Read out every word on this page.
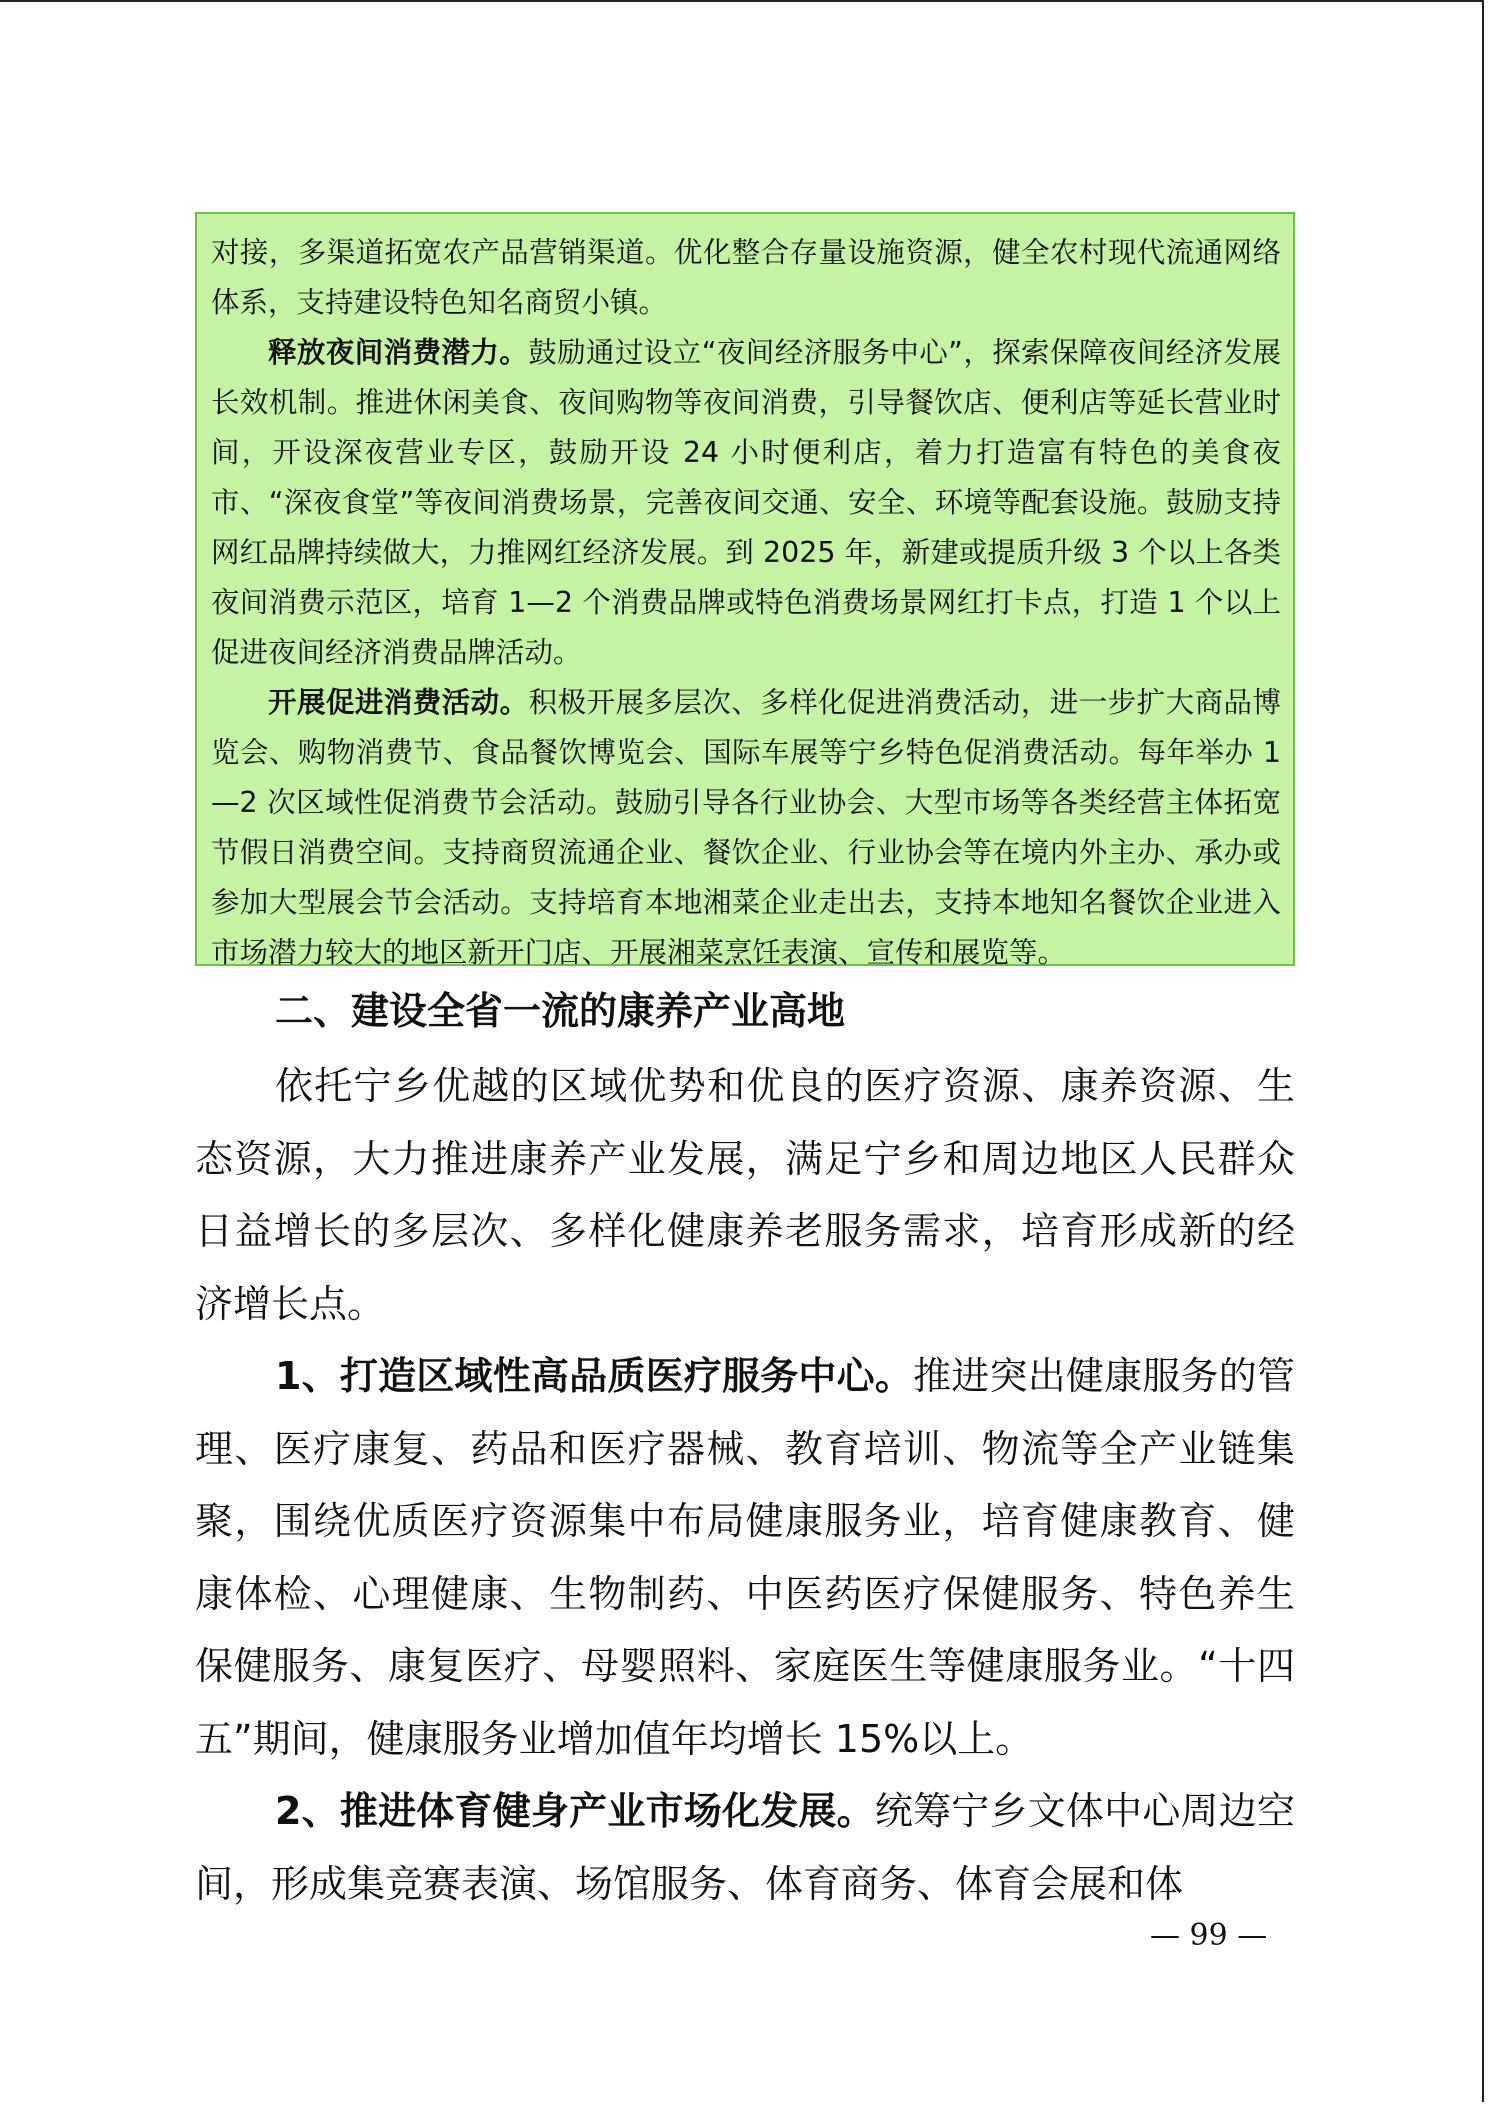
对接，多渠道拓宽农产品营销渠道。优化整合存量设施资源，健全农村现代流通网络体系，支持建设特色知名商贸小镇。

释放夜间消费潜力。鼓励通过设立“夜间经济服务中心”，探索保障夜间经济发展长效机制。推进休闲美食、夜间购物等夜间消费，引导餐饮店、便利店等延长营业时间，开设深夜营业专区，鼓励开设 24 小时便利店，着力打造富有特色的美食夜市、“深夜食堂”等夜间消费场景，完善夜间交通、安全、环境等配套设施。鼓励支持网红品牌持续做大，力推网红经济发展。到 2025 年，新建或提质升级 3 个以上各类夜间消费示范区，培育 1—2 个消费品牌或特色消费场景网红打卡点，打造 1 个以上促进夜间经济消费品牌活动。

开展促进消费活动。积极开展多层次、多样化促进消费活动，进一步扩大商品博览会、购物消费节、食品餐饮博览会、国际车展等宁乡特色促消费活动。每年举办 1—2 次区域性促消费节会活动。鼓励引导各行业协会、大型市场等各类经营主体拓宽节假日消费空间。支持商贸流通企业、餐饮企业、行业协会等在境内外主办、承办或参加大型展会节会活动。支持培育本地湘菜企业走出去，支持本地知名餐饮企业进入市场潜力较大的地区新开门店、开展湘菜烹饪表演、宣传和展览等。

二、建设全省一流的康养产业高地

依托宁乡优越的区域优势和优良的医疗资源、康养资源、生态资源，大力推进康养产业发展，满足宁乡和周边地区人民群众日益增长的多层次、多样化健康养老服务需求，培育形成新的经济增长点。

1、打造区域性高品质医疗服务中心。推进突出健康服务的管理、医疗康复、药品和医疗器械、教育培训、物流等全产业链集聚，围绕优质医疗资源集中布局健康服务业，培育健康教育、健康体检、心理健康、生物制药、中医药医疗保健服务、特色养生保健服务、康复医疗、母婴照料、家庭医生等健康服务业。“十四五”期间，健康服务业增加值年均增长 15%以上。

2、推进体育健身产业市场化发展。统筹宁乡文体中心周边空间，形成集竞赛表演、场馆服务、体育商务、体育会展和体

— 99 —
